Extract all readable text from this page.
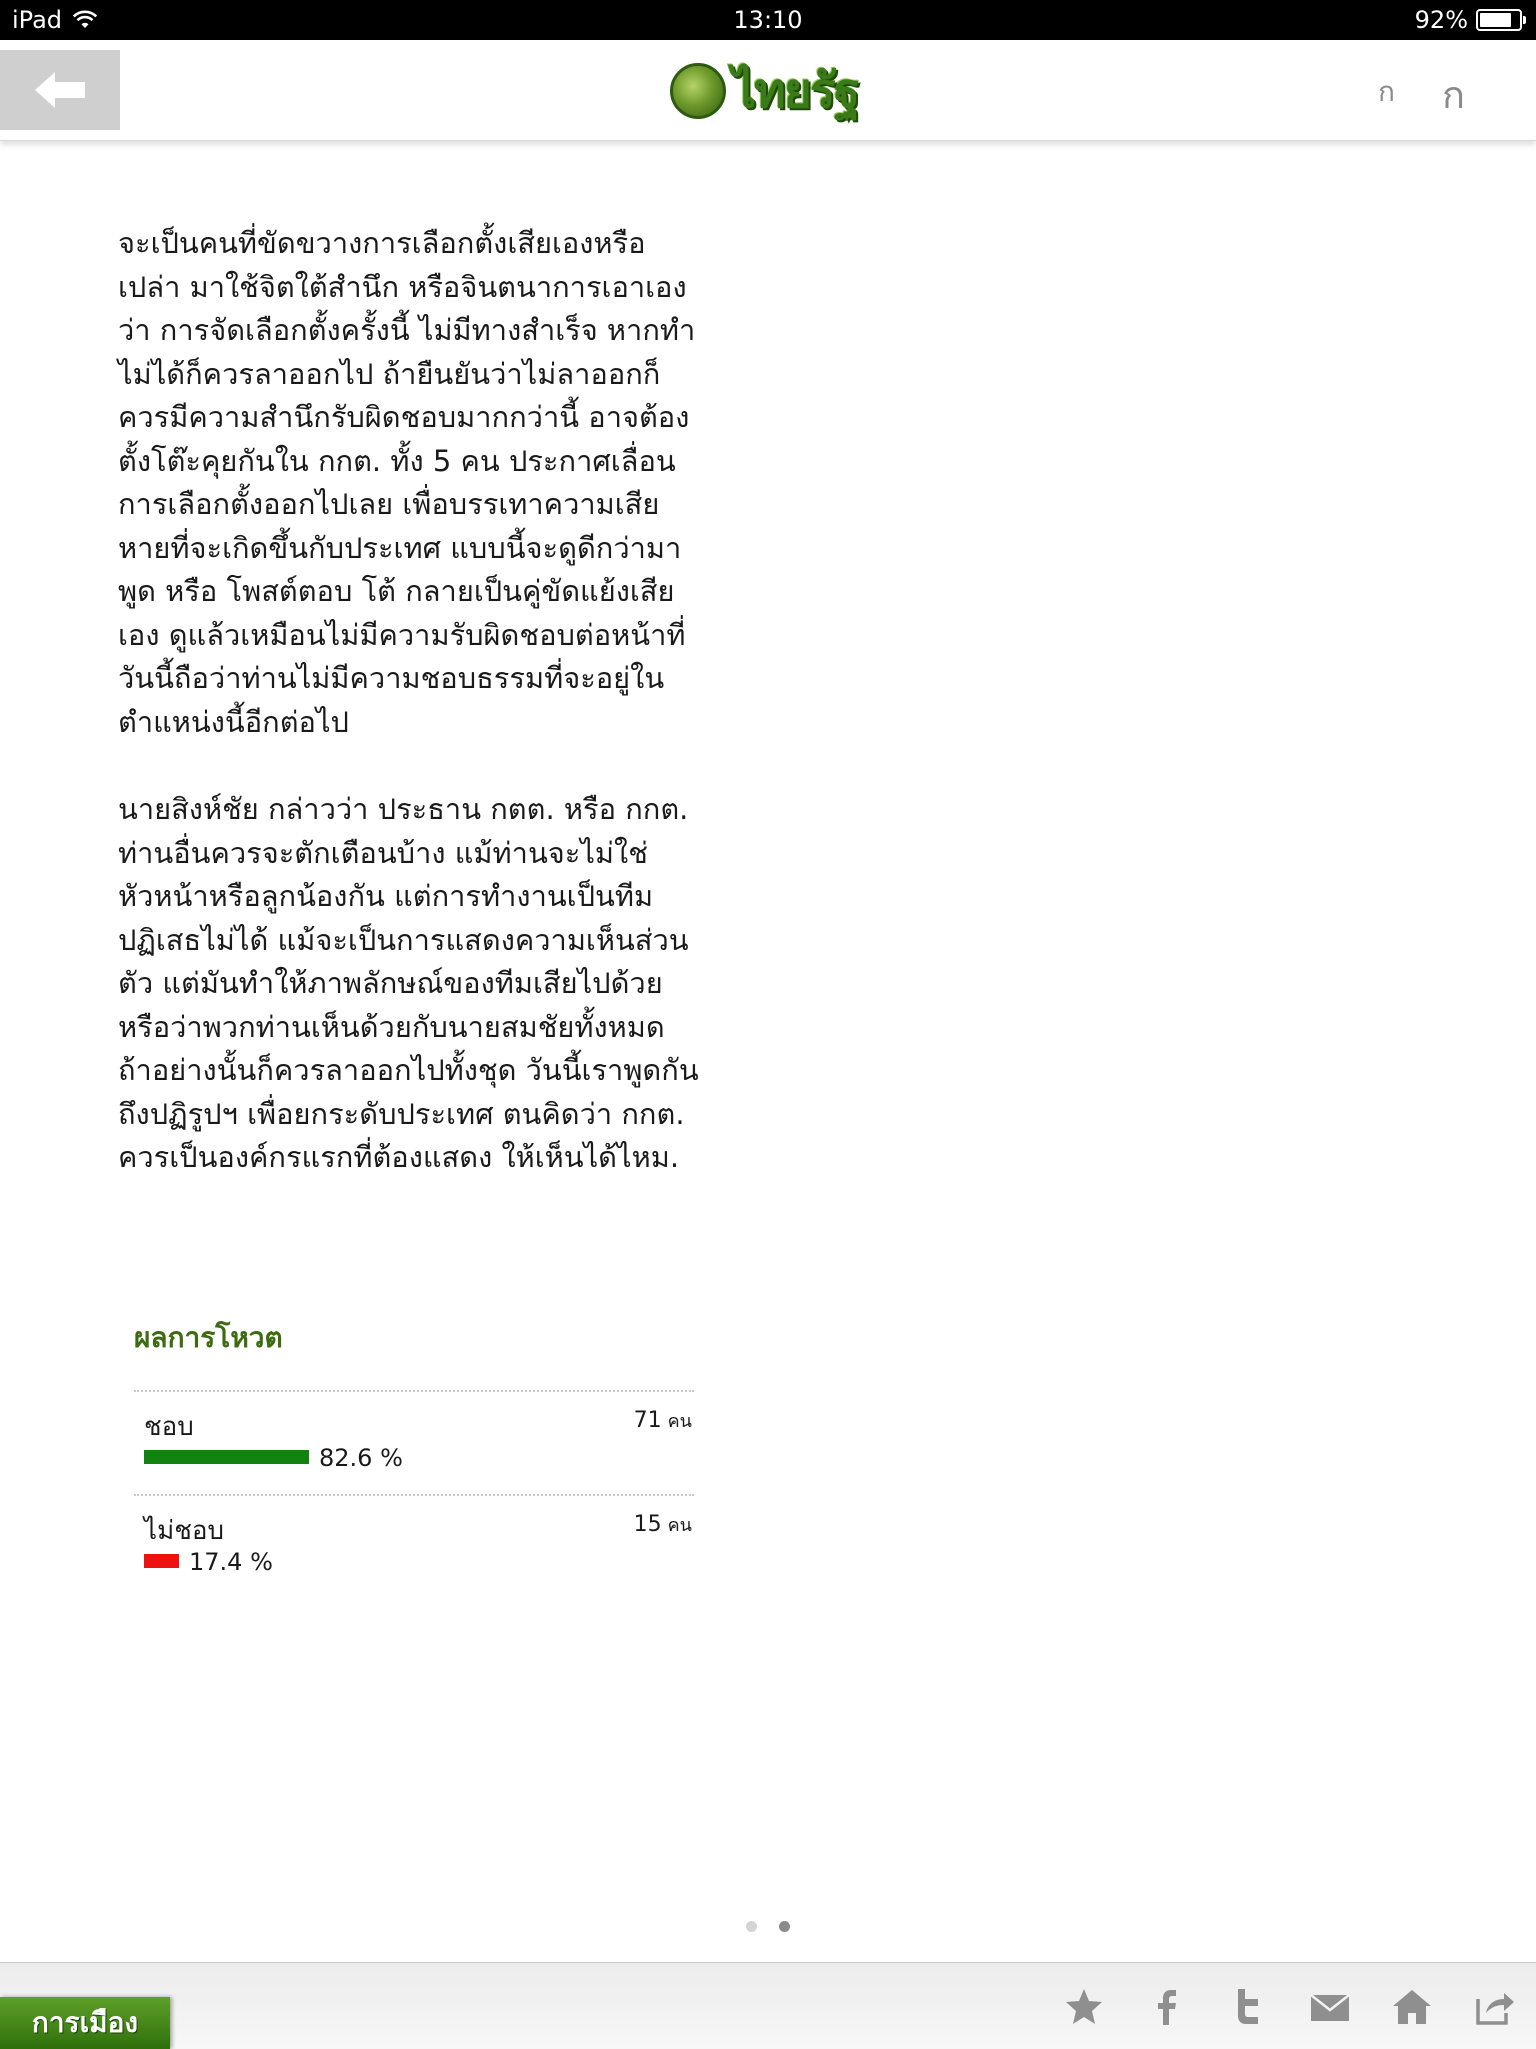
iPad	13:10	92%
ไทยรัฐ	ก ก

จะเป็นคนที่ขัดขวางการเลือกตั้งเสียเองหรือ
เปล่า มาใช้จิตใต้สำนึก หรือจินตนาการเอาเอง
ว่า การจัดเลือกตั้งครั้งนี้ ไม่มีทางสำเร็จ หากทำ
ไม่ได้ก็ควรลาออกไป ถ้ายืนยันว่าไม่ลาออกก็
ควรมีความสำนึกรับผิดชอบมากกว่านี้ อาจต้อง
ตั้งโต๊ะคุยกันใน กกต. ทั้ง 5 คน ประกาศเลื่อน
การเลือกตั้งออกไปเลย เพื่อบรรเทาความเสีย
หายที่จะเกิดขึ้นกับประเทศ แบบนี้จะดูดีกว่ามา
พูด หรือ โพสต์ตอบ โต้ กลายเป็นคู่ขัดแย้งเสีย
เอง ดูแล้วเหมือนไม่มีความรับผิดชอบต่อหน้าที่
วันนี้ถือว่าท่านไม่มีความชอบธรรมที่จะอยู่ใน
ตำแหน่งนี้อีกต่อไป

นายสิงห์ชัย กล่าวว่า ประธาน กตต. หรือ กกต.
ท่านอื่นควรจะตักเตือนบ้าง แม้ท่านจะไม่ใช่
หัวหน้าหรือลูกน้องกัน แต่การทำงานเป็นทีม
ปฏิเสธไม่ได้ แม้จะเป็นการแสดงความเห็นส่วน
ตัว แต่มันทำให้ภาพลักษณ์ของทีมเสียไปด้วย
หรือว่าพวกท่านเห็นด้วยกับนายสมชัยทั้งหมด
ถ้าอย่างนั้นก็ควรลาออกไปทั้งชุด วันนี้เราพูดกัน
ถึงปฏิรูปฯ เพื่อยกระดับประเทศ ตนคิดว่า กกต.
ควรเป็นองค์กรแรกที่ต้องแสดง ให้เห็นได้ไหม.

ผลการโหวต
ชอบ	71 คน
82.6 %
ไม่ชอบ	15 คน
17.4 %
การเมือง
